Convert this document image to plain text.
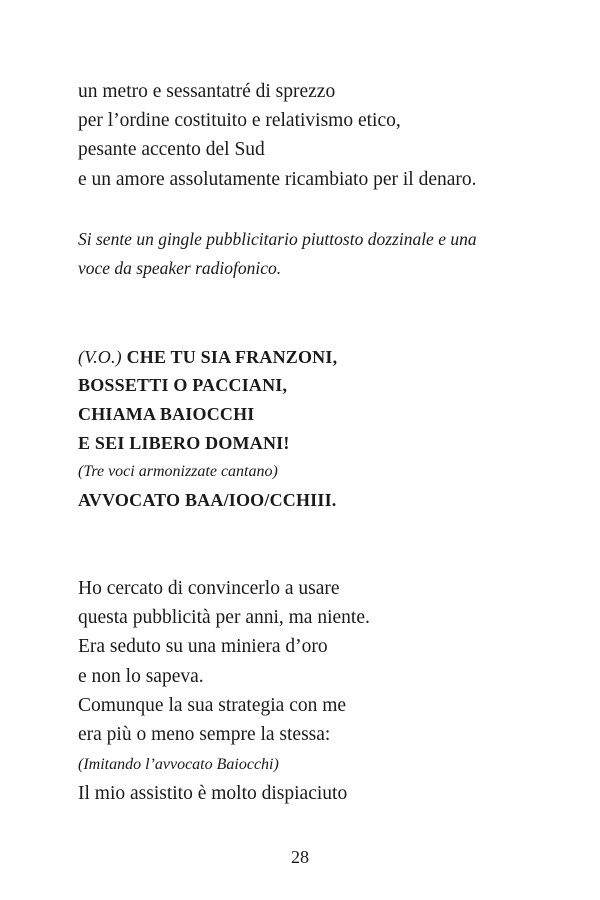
un metro e sessantatré di sprezzo

per l’ordine costituito e relativismo etico,

pesante accento del Sud

e un amore assolutamente ricambiato per il denaro.

Si sente un gingle pubblicitario piuttosto dozzinale e una

voce da speaker radiofonico.

(V.O.) CHE TU SIA FRANZONI,

BOSSETTI O PACCIANI,

CHIAMA BAIOCCHI

E SEI LIBERO DOMANI!

(Tre voci armonizzate cantano)

AVVOCATO BAA/IOO/CCHIII.

Ho cercato di convincerlo a usare

questa pubblicità per anni, ma niente.

Era seduto su una miniera d’oro

e non lo sapeva.

Comunque la sua strategia con me

era più o meno sempre la stessa:

(Imitando l’avvocato Baiocchi)

Il mio assistito è molto dispiaciuto

28
